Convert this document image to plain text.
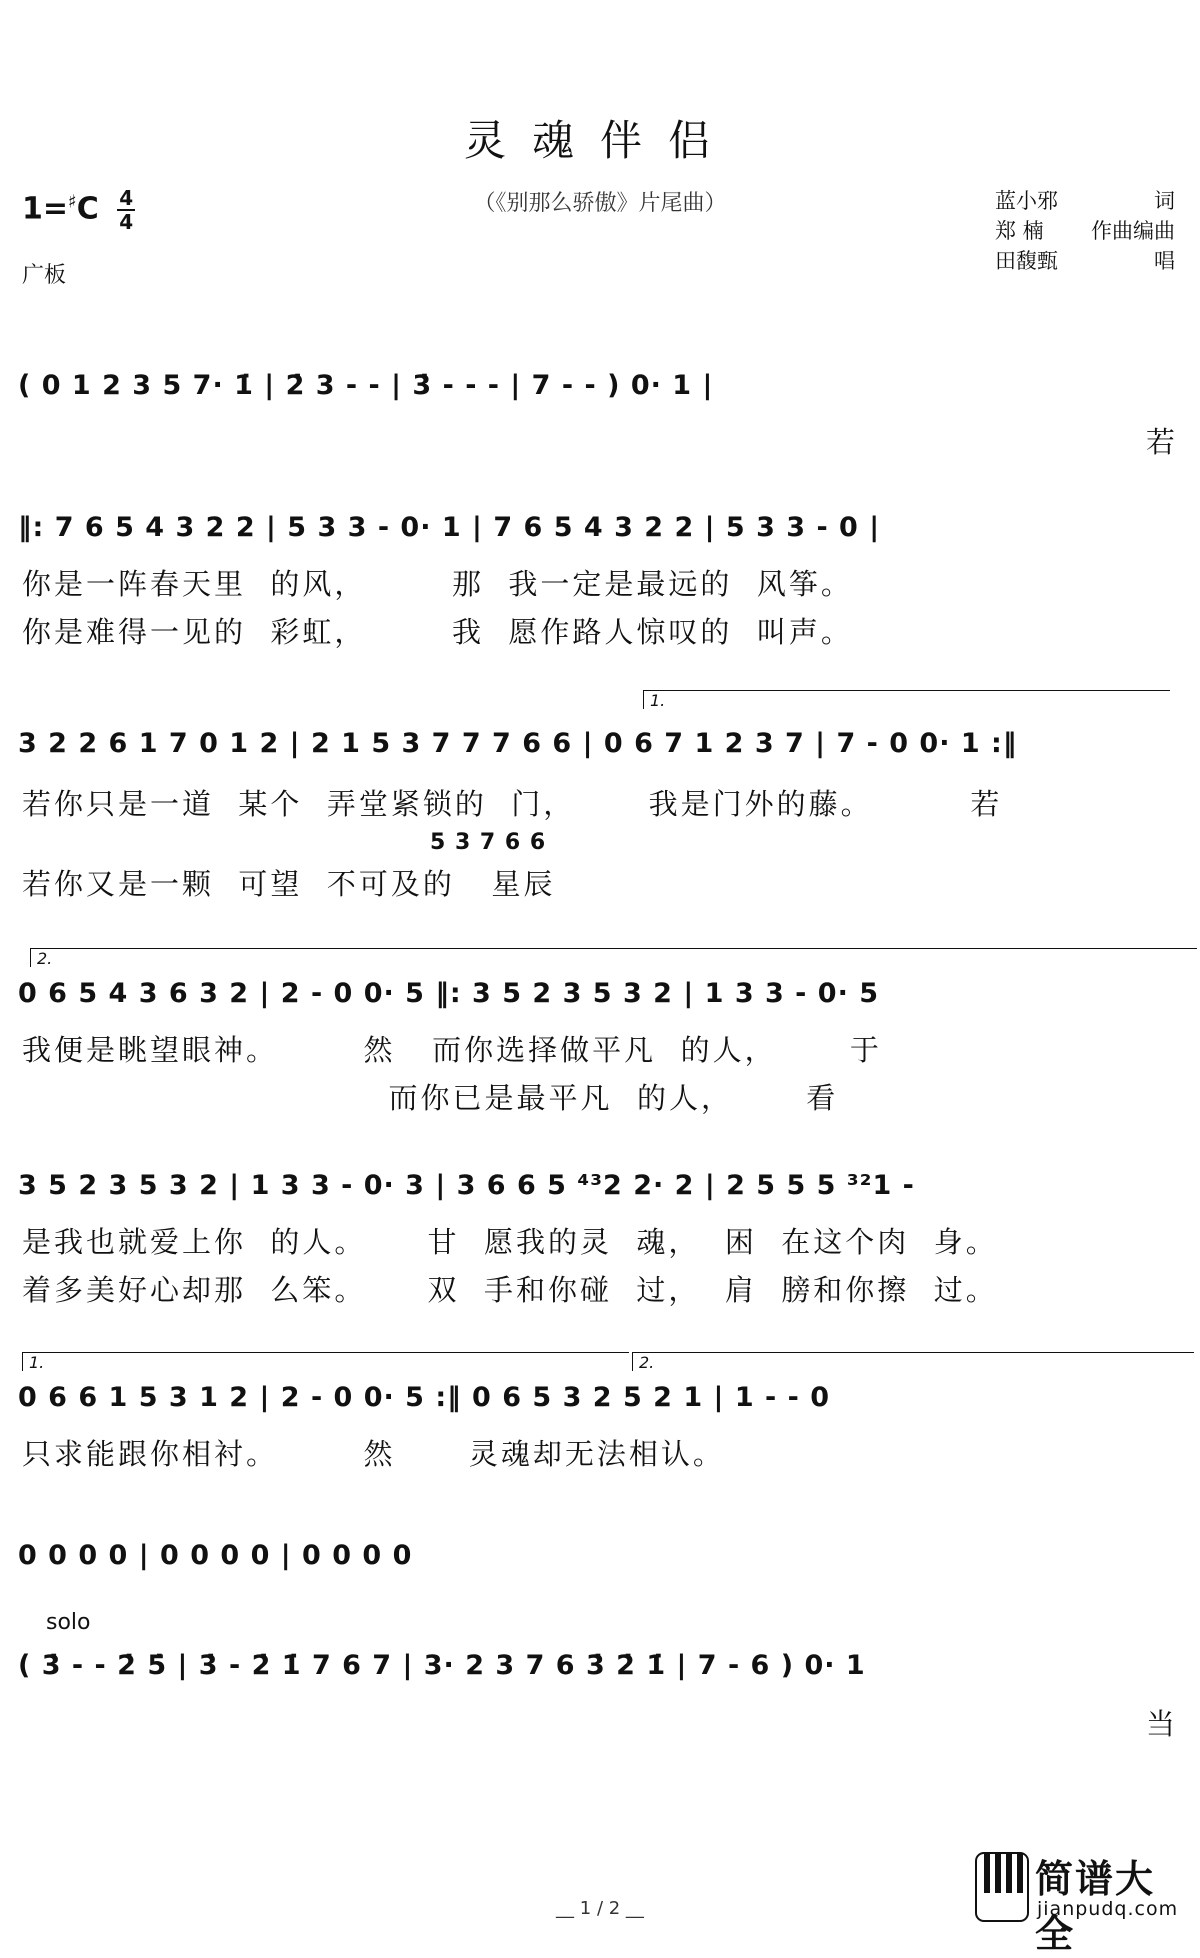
灵魂伴侣
（《别那么骄傲》片尾曲）
$1=^♯C \frac{4}{4}$
广板
蓝小邪	词
郑 楠 作曲编曲
田馥甄	唱
( 0 1 2 3 5 7· 1̇ | 2̇ 3 - - | 3̇ - - - | 7 - - ) 0· 1 |
若
‖: 7 6 5 4 3 2 2 | 5 3 3 - 0· 1 | 7 6 5 4 3 2 2 | 5 3 3 - 0 |
你是一阵春天里  的风，       那  我一定是最远的  风筝。
你是难得一见的  彩虹，       我  愿作路人惊叹的  叫声。
1.
3 2 2 6 1 7 0 1 2 | 2 1 5 3 7 7 7 6 6 | 0 6 7 1 2 3 7 | 7 - 0 0· 1 :‖
若你只是一道  某个  弄堂紧锁的  门，      我是门外的藤。        若
5 3 7 6 6
若你又是一颗  可望  不可及的   星辰
2.
0 6 5 4 3 6 3 2 | 2 - 0 0· 5 ‖: 3 5 2 3 5 3 2 | 1 3 3 - 0· 5
我便是眺望眼神。       然   而你选择做平凡  的人，      于
而你已是最平凡  的人，      看
3 5 2 3 5 3 2 | 1 3 3 - 0· 3 | 3 6 6 5 ⁴³2 2· 2 | 2 5 5 5 ³²1 -
是我也就爱上你  的人。     甘  愿我的灵  魂，  困  在这个肉  身。
着多美好心却那  么笨。     双  手和你碰  过，  肩  膀和你擦  过。
1.	2.
0 6 6 1 5 3 1 2 | 2 - 0 0· 5 :‖ 0 6 5 3 2 5 2 1 | 1 - - 0
只求能跟你相衬。       然      灵魂却无法相认。
0 0 0 0 | 0 0 0 0 | 0 0 0 0
solo
( 3̇ - - 2̇ 5̇ | 3̇ - 2̇ 1̇ 7 6 7 | 3· 2 3 7 6 3̇ 2̇ 1̇ | 7 - 6 ) 0· 1
当
__ 1 / 2 __
简谱大全
jianpudq.com
